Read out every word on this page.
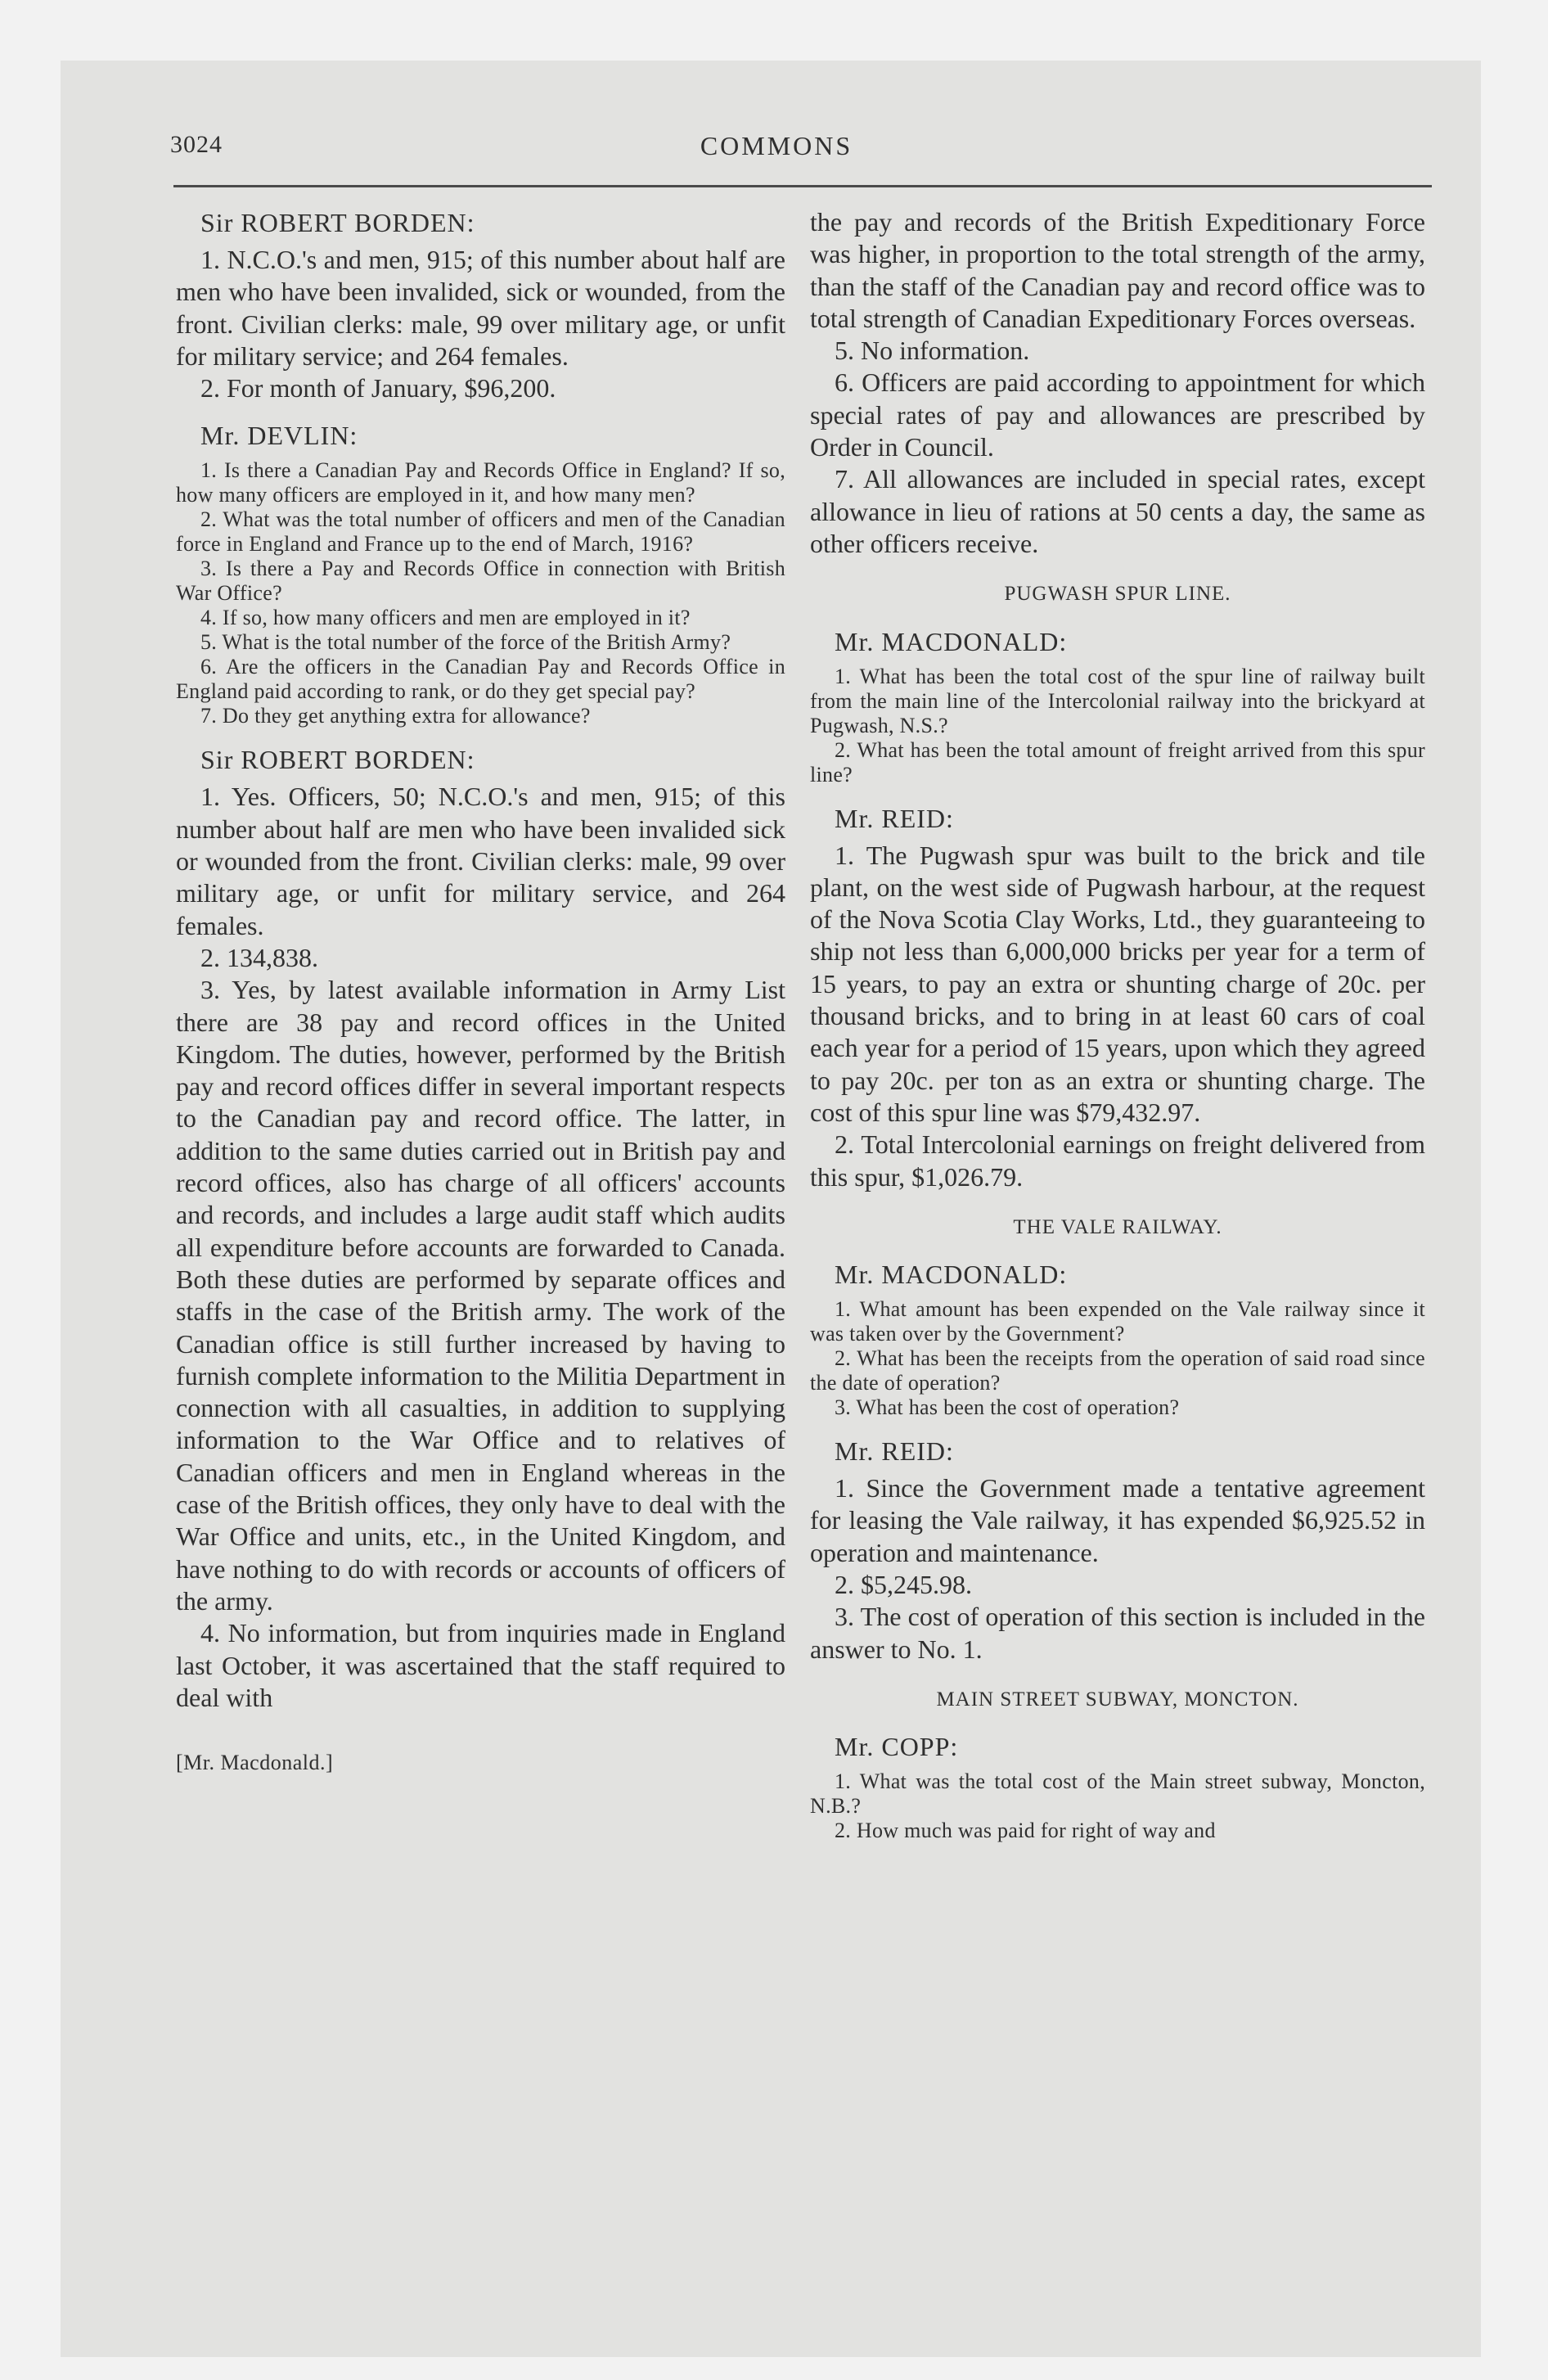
3024	COMMONS
Sir ROBERT BORDEN:

1. N.C.O.'s and men, 915; of this number about half are men who have been invalided, sick or wounded, from the front. Civilian clerks: male, 99 over military age, or unfit for military service; and 264 females.

2. For month of January, $96,200.

Mr. DEVLIN:

1. Is there a Canadian Pay and Records Office in England? If so, how many officers are employed in it, and how many men?

2. What was the total number of officers and men of the Canadian force in England and France up to the end of March, 1916?

3. Is there a Pay and Records Office in connection with British War Office?

4. If so, how many officers and men are employed in it?

5. What is the total number of the force of the British Army?

6. Are the officers in the Canadian Pay and Records Office in England paid according to rank, or do they get special pay?

7. Do they get anything extra for allowance?

Sir ROBERT BORDEN:

1. Yes. Officers, 50; N.C.O.'s and men, 915; of this number about half are men who have been invalided sick or wounded from the front. Civilian clerks: male, 99 over military age, or unfit for military service, and 264 females.

2. 134,838.

3. Yes, by latest available information in Army List there are 38 pay and record offices in the United Kingdom. The duties, however, performed by the British pay and record offices differ in several important respects to the Canadian pay and record office. The latter, in addition to the same duties carried out in British pay and record offices, also has charge of all officers' accounts and records, and includes a large audit staff which audits all expenditure before accounts are forwarded to Canada. Both these duties are performed by separate offices and staffs in the case of the British army. The work of the Canadian office is still further increased by having to furnish complete information to the Militia Department in connection with all casualties, in addition to supplying information to the War Office and to relatives of Canadian officers and men in England whereas in the case of the British offices, they only have to deal with the War Office and units, etc., in the United Kingdom, and have nothing to do with records or accounts of officers of the army.

4. No information, but from inquiries made in England last October, it was ascertained that the staff required to deal with

[Mr. Macdonald.]

the pay and records of the British Expeditionary Force was higher, in proportion to the total strength of the army, than the staff of the Canadian pay and record office was to total strength of Canadian Expeditionary Forces overseas.

5. No information.

6. Officers are paid according to appointment for which special rates of pay and allowances are prescribed by Order in Council.

7. All allowances are included in special rates, except allowance in lieu of rations at 50 cents a day, the same as other officers receive.

PUGWASH SPUR LINE.
Mr. MACDONALD:

1. What has been the total cost of the spur line of railway built from the main line of the Intercolonial railway into the brickyard at Pugwash, N.S.?

2. What has been the total amount of freight arrived from this spur line?

Mr. REID:

1. The Pugwash spur was built to the brick and tile plant, on the west side of Pugwash harbour, at the request of the Nova Scotia Clay Works, Ltd., they guaranteeing to ship not less than 6,000,000 bricks per year for a term of 15 years, to pay an extra or shunting charge of 20c. per thousand bricks, and to bring in at least 60 cars of coal each year for a period of 15 years, upon which they agreed to pay 20c. per ton as an extra or shunting charge. The cost of this spur line was $79,432.97.

2. Total Intercolonial earnings on freight delivered from this spur, $1,026.79.

THE VALE RAILWAY.
Mr. MACDONALD:

1. What amount has been expended on the Vale railway since it was taken over by the Government?

2. What has been the receipts from the operation of said road since the date of operation?

3. What has been the cost of operation?

Mr. REID:

1. Since the Government made a tentative agreement for leasing the Vale railway, it has expended $6,925.52 in operation and maintenance.

2. $5,245.98.

3. The cost of operation of this section is included in the answer to No. 1.

MAIN STREET SUBWAY, MONCTON.
Mr. COPP:

1. What was the total cost of the Main street subway, Moncton, N.B.?

2. How much was paid for right of way and
